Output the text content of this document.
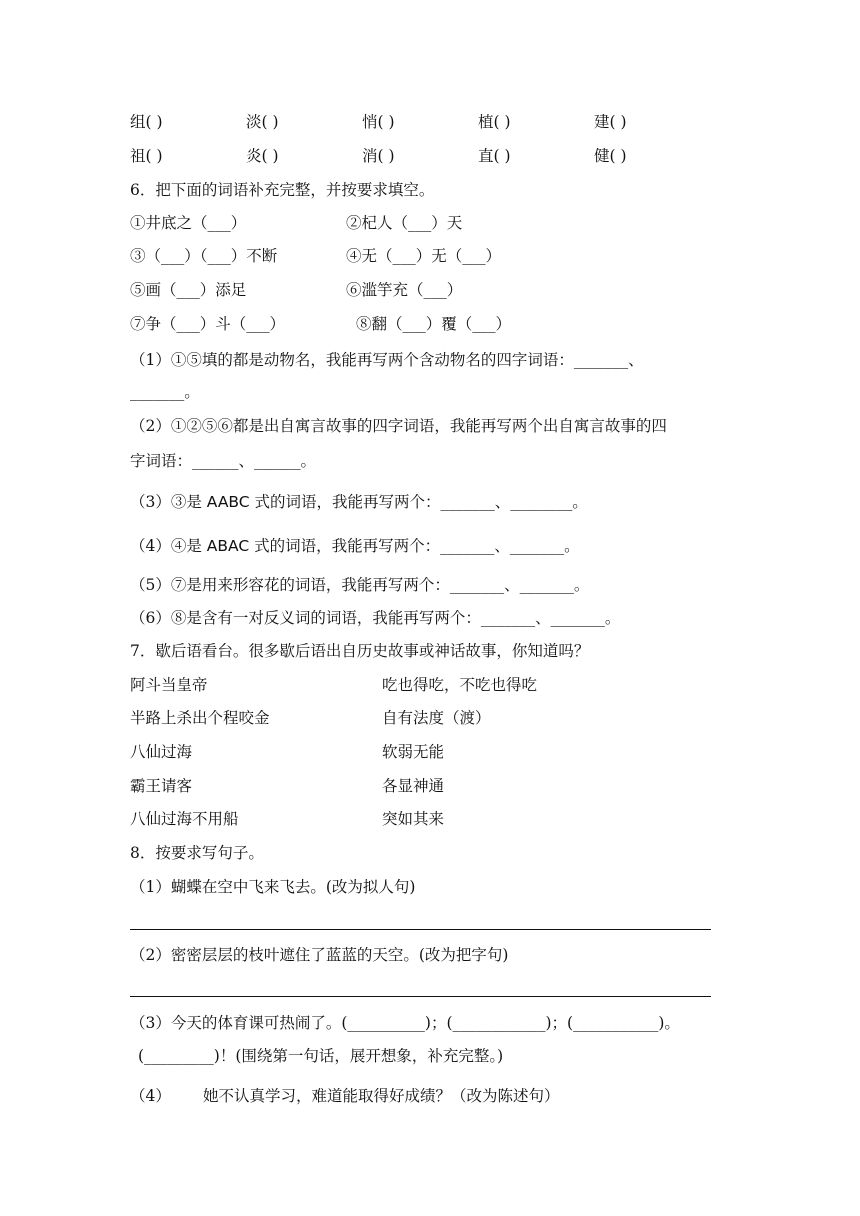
组( )	淡( )	悄( )	植( )	建( )
祖( )	炎( )	消( )	直( )	健( )
6．把下面的词语补充完整，并按要求填空。
①井底之（___）	②杞人（___）天
③（___）（___）不断	④无（___）无（___）
⑤画（___）添足	⑥滥竽充（___）
⑦争（___）斗（___）	⑧翻（___）覆（___）
（1）①⑤填的都是动物名，我能再写两个含动物名的四字词语：_______、
_______。
（2）①②⑤⑥都是出自寓言故事的四字词语，我能再写两个出自寓言故事的四
字词语：______、______。
（3）③是 AABC 式的词语，我能再写两个：_______、________。
（4）④是 ABAC 式的词语，我能再写两个：_______、_______。
（5）⑦是用来形容花的词语，我能再写两个：_______、_______。
（6）⑧是含有一对反义词的词语，我能再写两个：_______、_______。
7．歇后语看台。很多歇后语出自历史故事或神话故事，你知道吗？
阿斗当皇帝	吃也得吃，不吃也得吃
半路上杀出个程咬金	自有法度（渡）
八仙过海	软弱无能
霸王请客	各显神通
八仙过海不用船	突如其来
8．按要求写句子。
（1）蝴蝶在空中飞来飞去。(改为拟人句)
（2）密密层层的枝叶遮住了蓝蓝的天空。(改为把字句)
（3）今天的体育课可热闹了。(__________)；(____________)；(___________)。
(_________)！(围绕第一句话，展开想象，补充完整。)
（4） 她不认真学习，难道能取得好成绩？（改为陈述句）
